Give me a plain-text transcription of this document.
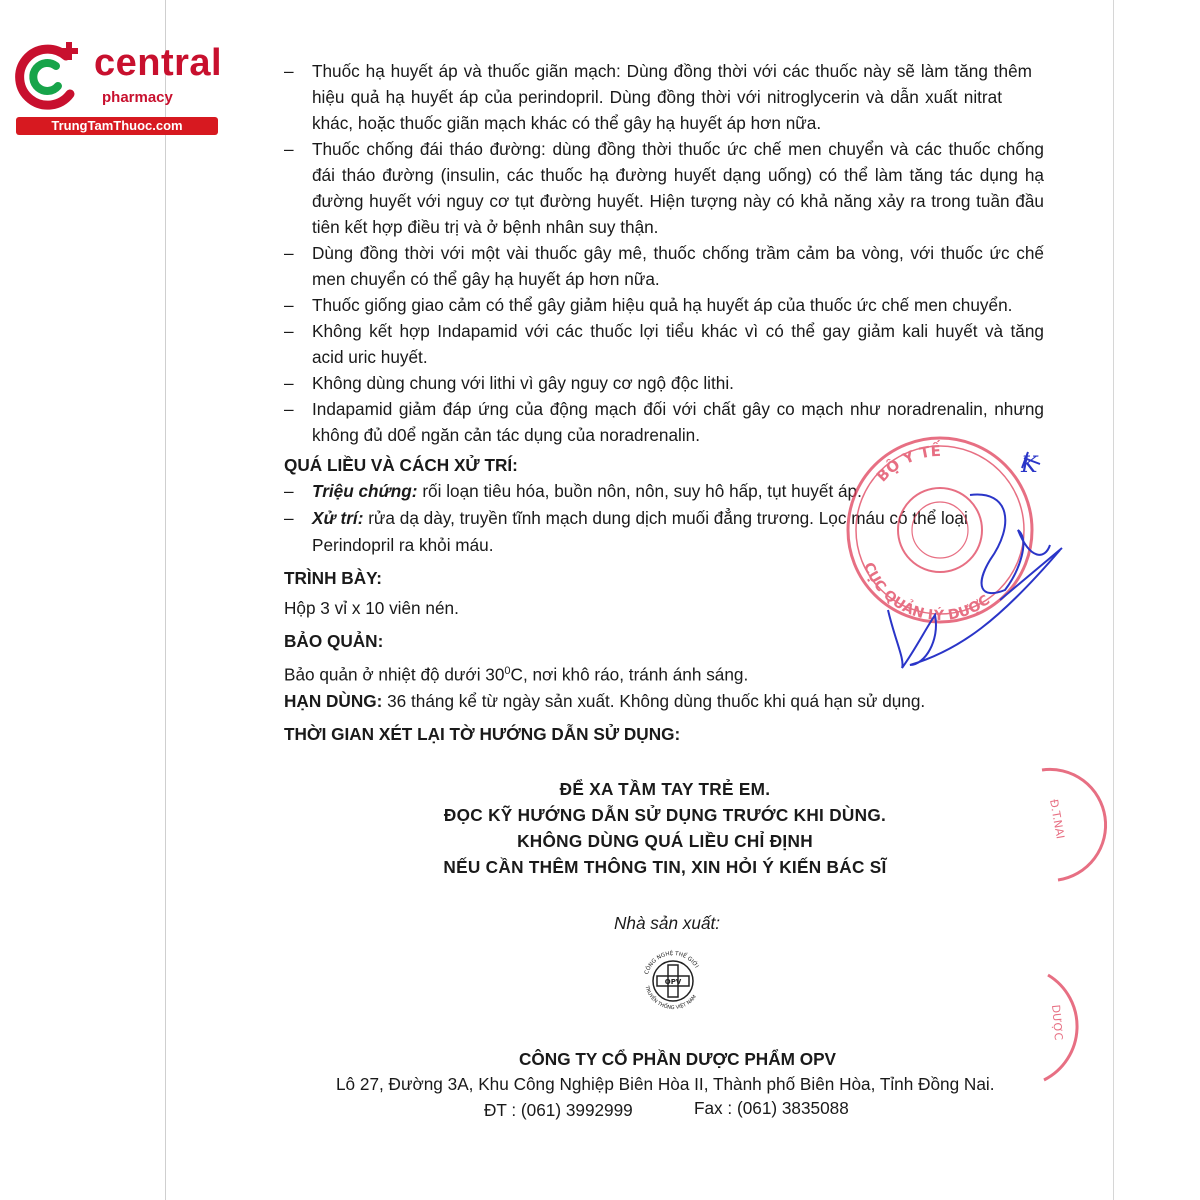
central
pharmacy
TrungTamThuoc.com
– Thuốc hạ huyết áp và thuốc giãn mạch: Dùng đồng thời với các thuốc này sẽ làm tăng thêm
hiệu quả hạ huyết áp của perindopril. Dùng đồng thời với nitroglycerin và dẫn xuất nitrat
khác, hoặc thuốc giãn mạch khác có thể gây hạ huyết áp hơn nữa.
– Thuốc chống đái tháo đường: dùng đồng thời thuốc ức chế men chuyển và các thuốc chống
đái tháo đường (insulin, các thuốc hạ đường huyết dạng uống) có thể làm tăng tác dụng hạ
đường huyết với nguy cơ tụt đường huyết. Hiện tượng này có khả năng xảy ra trong tuần đầu
tiên kết hợp điều trị và ở bệnh nhân suy thận.
– Dùng đồng thời với một vài thuốc gây mê, thuốc chống trầm cảm ba vòng, với thuốc ức chế
men chuyển có thể gây hạ huyết áp hơn nữa.
– Thuốc giống giao cảm có thể gây giảm hiệu quả hạ huyết áp của thuốc ức chế men chuyển.
– Không kết hợp Indapamid với các thuốc lợi tiểu khác vì có thể gay giảm kali huyết và tăng
acid uric huyết.
– Không dùng chung với lithi vì gây nguy cơ ngộ độc lithi.
– Indapamid giảm đáp ứng của động mạch đối với chất gây co mạch như noradrenalin, nhưng
không đủ d0ể ngăn cản tác dụng của noradrenalin.
QUÁ LIỀU VÀ CÁCH XỬ TRÍ:
– Triệu chứng: rối loạn tiêu hóa, buồn nôn, nôn, suy hô hấp, tụt huyết áp.
– Xử trí: rửa dạ dày, truyền tĩnh mạch dung dịch muối đẳng trương. Lọc máu có thể loại
Perindopril ra khỏi máu.
TRÌNH BÀY:
Hộp 3 vỉ x 10 viên nén.
BẢO QUẢN:
Bảo quản ở nhiệt độ dưới $30^0C$, nơi khô ráo, tránh ánh sáng.
HẠN DÙNG: 36 tháng kể từ ngày sản xuất. Không dùng thuốc khi quá hạn sử dụng.
THỜI GIAN XÉT LẠI TỜ HƯỚNG DẪN SỬ DỤNG:
ĐỂ XA TẦM TAY TRẺ EM.
ĐỌC KỸ HƯỚNG DẪN SỬ DỤNG TRƯỚC KHI DÙNG.
KHÔNG DÙNG QUÁ LIỀU CHỈ ĐỊNH
NẾU CẦN THÊM THÔNG TIN, XIN HỎI Ý KIẾN BÁC SĨ
Nhà sản xuất:
OPV
CÔNG NGHỆ THẾ GIỚI
TRUYỀN THỐNG VIỆT NAM
CÔNG TY CỔ PHẦN DƯỢC PHẨM OPV
Lô 27, Đường 3A, Khu Công Nghiệp Biên Hòa II, Thành phố Biên Hòa, Tỉnh Đồng Nai.
ĐT : (061) 3992999	Fax : (061) 3835088
BỘ Y TẾ
CỤC QUẢN LÝ DƯỢC
Đ.T.NAI
DƯỢC
K
